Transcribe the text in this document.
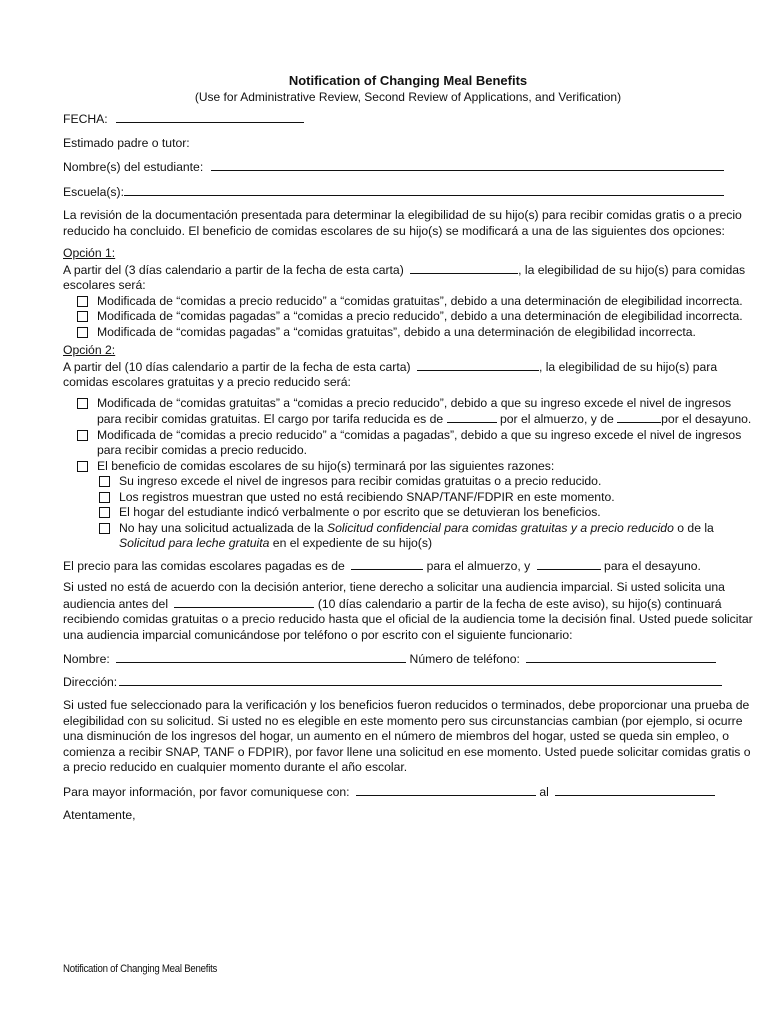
Notification of Changing Meal Benefits
(Use for Administrative Review, Second Review of Applications, and Verification)
FECHA:
Estimado padre o tutor:
Nombre(s) del estudiante:
Escuela(s):
La revisión de la documentación presentada para determinar la elegibilidad de su hijo(s) para recibir comidas gratis o a precio reducido ha concluido. El beneficio de comidas escolares de su hijo(s) se modificará a una de las siguientes dos opciones:
Opción 1:
A partir del (3 días calendario a partir de la fecha de esta carta)	, la elegibilidad de su hijo(s) para comidas escolares será:
Modificada de “comidas a precio reducido” a “comidas gratuitas”, debido a una determinación de elegibilidad incorrecta.
Modificada de “comidas pagadas” a “comidas a precio reducido”, debido a una determinación de elegibilidad incorrecta.
Modificada de “comidas pagadas” a “comidas gratuitas”, debido a una determinación de elegibilidad incorrecta.
Opción 2:
A partir del (10 días calendario a partir de la fecha de esta carta)	, la elegibilidad de su hijo(s) para comidas escolares gratuitas y a precio reducido será:
Modificada de “comidas gratuitas” a “comidas a precio reducido”, debido a que su ingreso excede el nivel de ingresos para recibir comidas gratuitas. El cargo por tarifa reducida es de	por el almuerzo, y de	por el desayuno.
Modificada de “comidas a precio reducido” a “comidas a pagadas”, debido a que su ingreso excede el nivel de ingresos para recibir comidas a precio reducido.
El beneficio de comidas escolares de su hijo(s) terminará por las siguientes razones:
Su ingreso excede el nivel de ingresos para recibir comidas gratuitas o a precio reducido.
Los registros muestran que usted no está recibiendo SNAP/TANF/FDPIR en este momento.
El hogar del estudiante indicó verbalmente o por escrito que se detuvieran los beneficios.
No hay una solicitud actualizada de la Solicitud confidencial para comidas gratuitas y a precio reducido o de la Solicitud para leche gratuita en el expediente de su hijo(s)
El precio para las comidas escolares pagadas es de	para el almuerzo, y	para el desayuno.
Si usted no está de acuerdo con la decisión anterior, tiene derecho a solicitar una audiencia imparcial. Si usted solicita una audiencia antes del	(10 días calendario a partir de la fecha de este aviso), su hijo(s) continuará recibiendo comidas gratuitas o a precio reducido hasta que el oficial de la audiencia tome la decisión final. Usted puede solicitar una audiencia imparcial comunicándose por teléfono o por escrito con el siguiente funcionario:
Nombre:	Número de teléfono:
Dirección:
Si usted fue seleccionado para la verificación y los beneficios fueron reducidos o terminados, debe proporcionar una prueba de elegibilidad con su solicitud. Si usted no es elegible en este momento pero sus circunstancias cambian (por ejemplo, si ocurre una disminución de los ingresos del hogar, un aumento en el número de miembros del hogar, usted se queda sin empleo, o comienza a recibir SNAP, TANF o FDPIR), por favor llene una solicitud en ese momento. Usted puede solicitar comidas gratis o a precio reducido en cualquier momento durante el año escolar.
Para mayor información, por favor comuniquese con:	al
Atentamente,
Notification of Changing Meal Benefits
